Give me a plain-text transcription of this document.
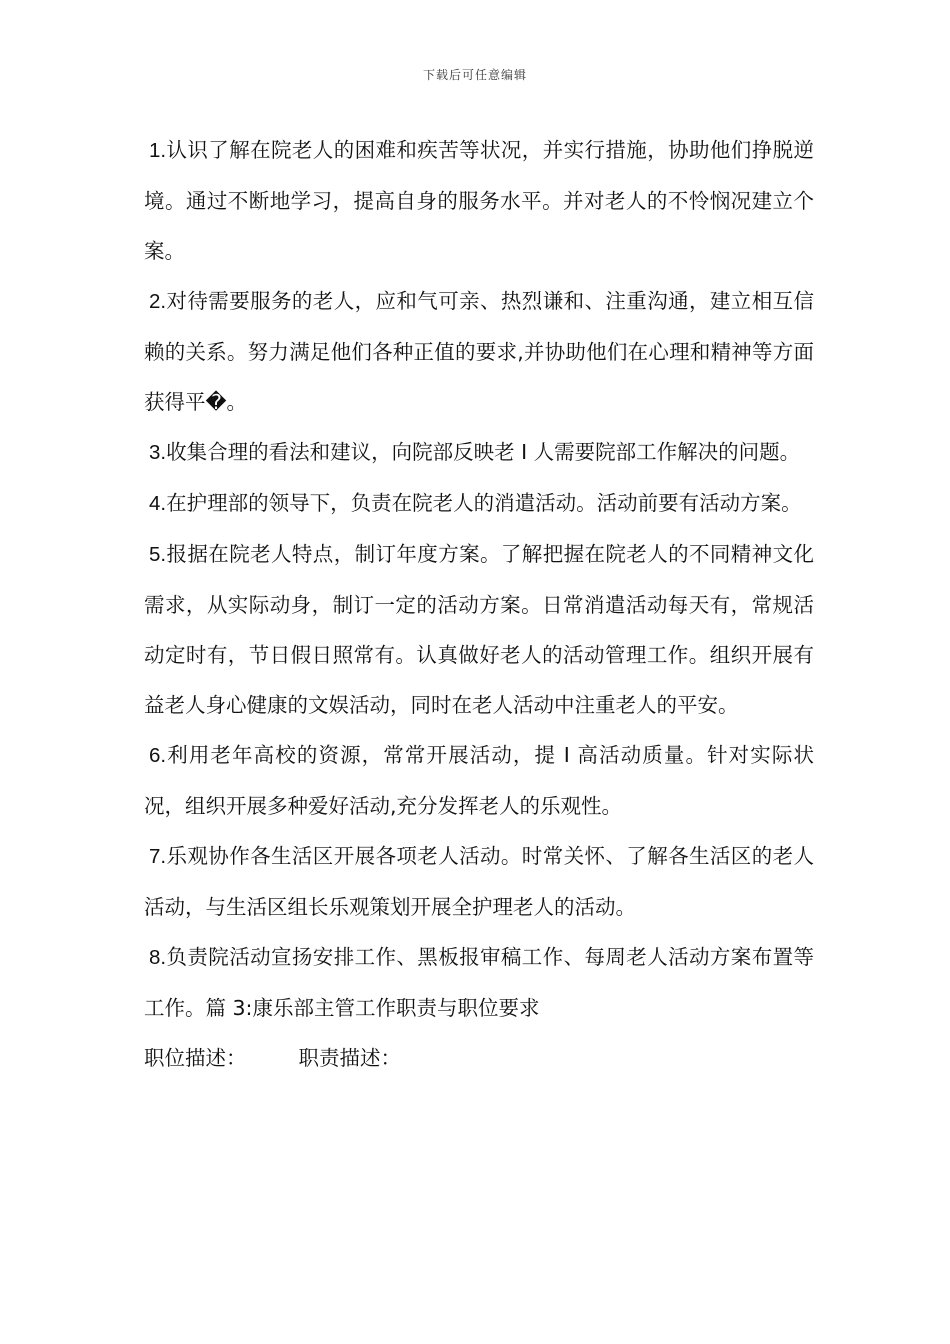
下载后可任意编辑

1.认识了解在院老人的困难和疾苦等状况，并实行措施，协助他们挣脱逆境。通过不断地学习，提高自身的服务水平。并对老人的不怜悯况建立个案。

2.对待需要服务的老人，应和气可亲、热烈谦和、注重沟通，建立相互信赖的关系。努力满足他们各种正值的要求,并协助他们在心理和精神等方面获得平�。

3.收集合理的看法和建议，向院部反映老 I 人需要院部工作解决的问题。

4.在护理部的领导下，负责在院老人的消遣活动。活动前要有活动方案。

5.报据在院老人特点，制订年度方案。了解把握在院老人的不同精神文化需求，从实际动身，制订一定的活动方案。日常消遣活动每天有，常规活动定时有，节日假日照常有。认真做好老人的活动管理工作。组织开展有益老人身心健康的文娱活动，同时在老人活动中注重老人的平安。

6.利用老年高校的资源，常常开展活动，提 I 高活动质量。针对实际状况，组织开展多种爱好活动,充分发挥老人的乐观性。

7.乐观协作各生活区开展各项老人活动。时常关怀、了解各生活区的老人活动，与生活区组长乐观策划开展全护理老人的活动。

8.负责院活动宣扬安排工作、黑板报审稿工作、每周老人活动方案布置等工作。篇 3:康乐部主管工作职责与职位要求

职位描述：	职责描述：
